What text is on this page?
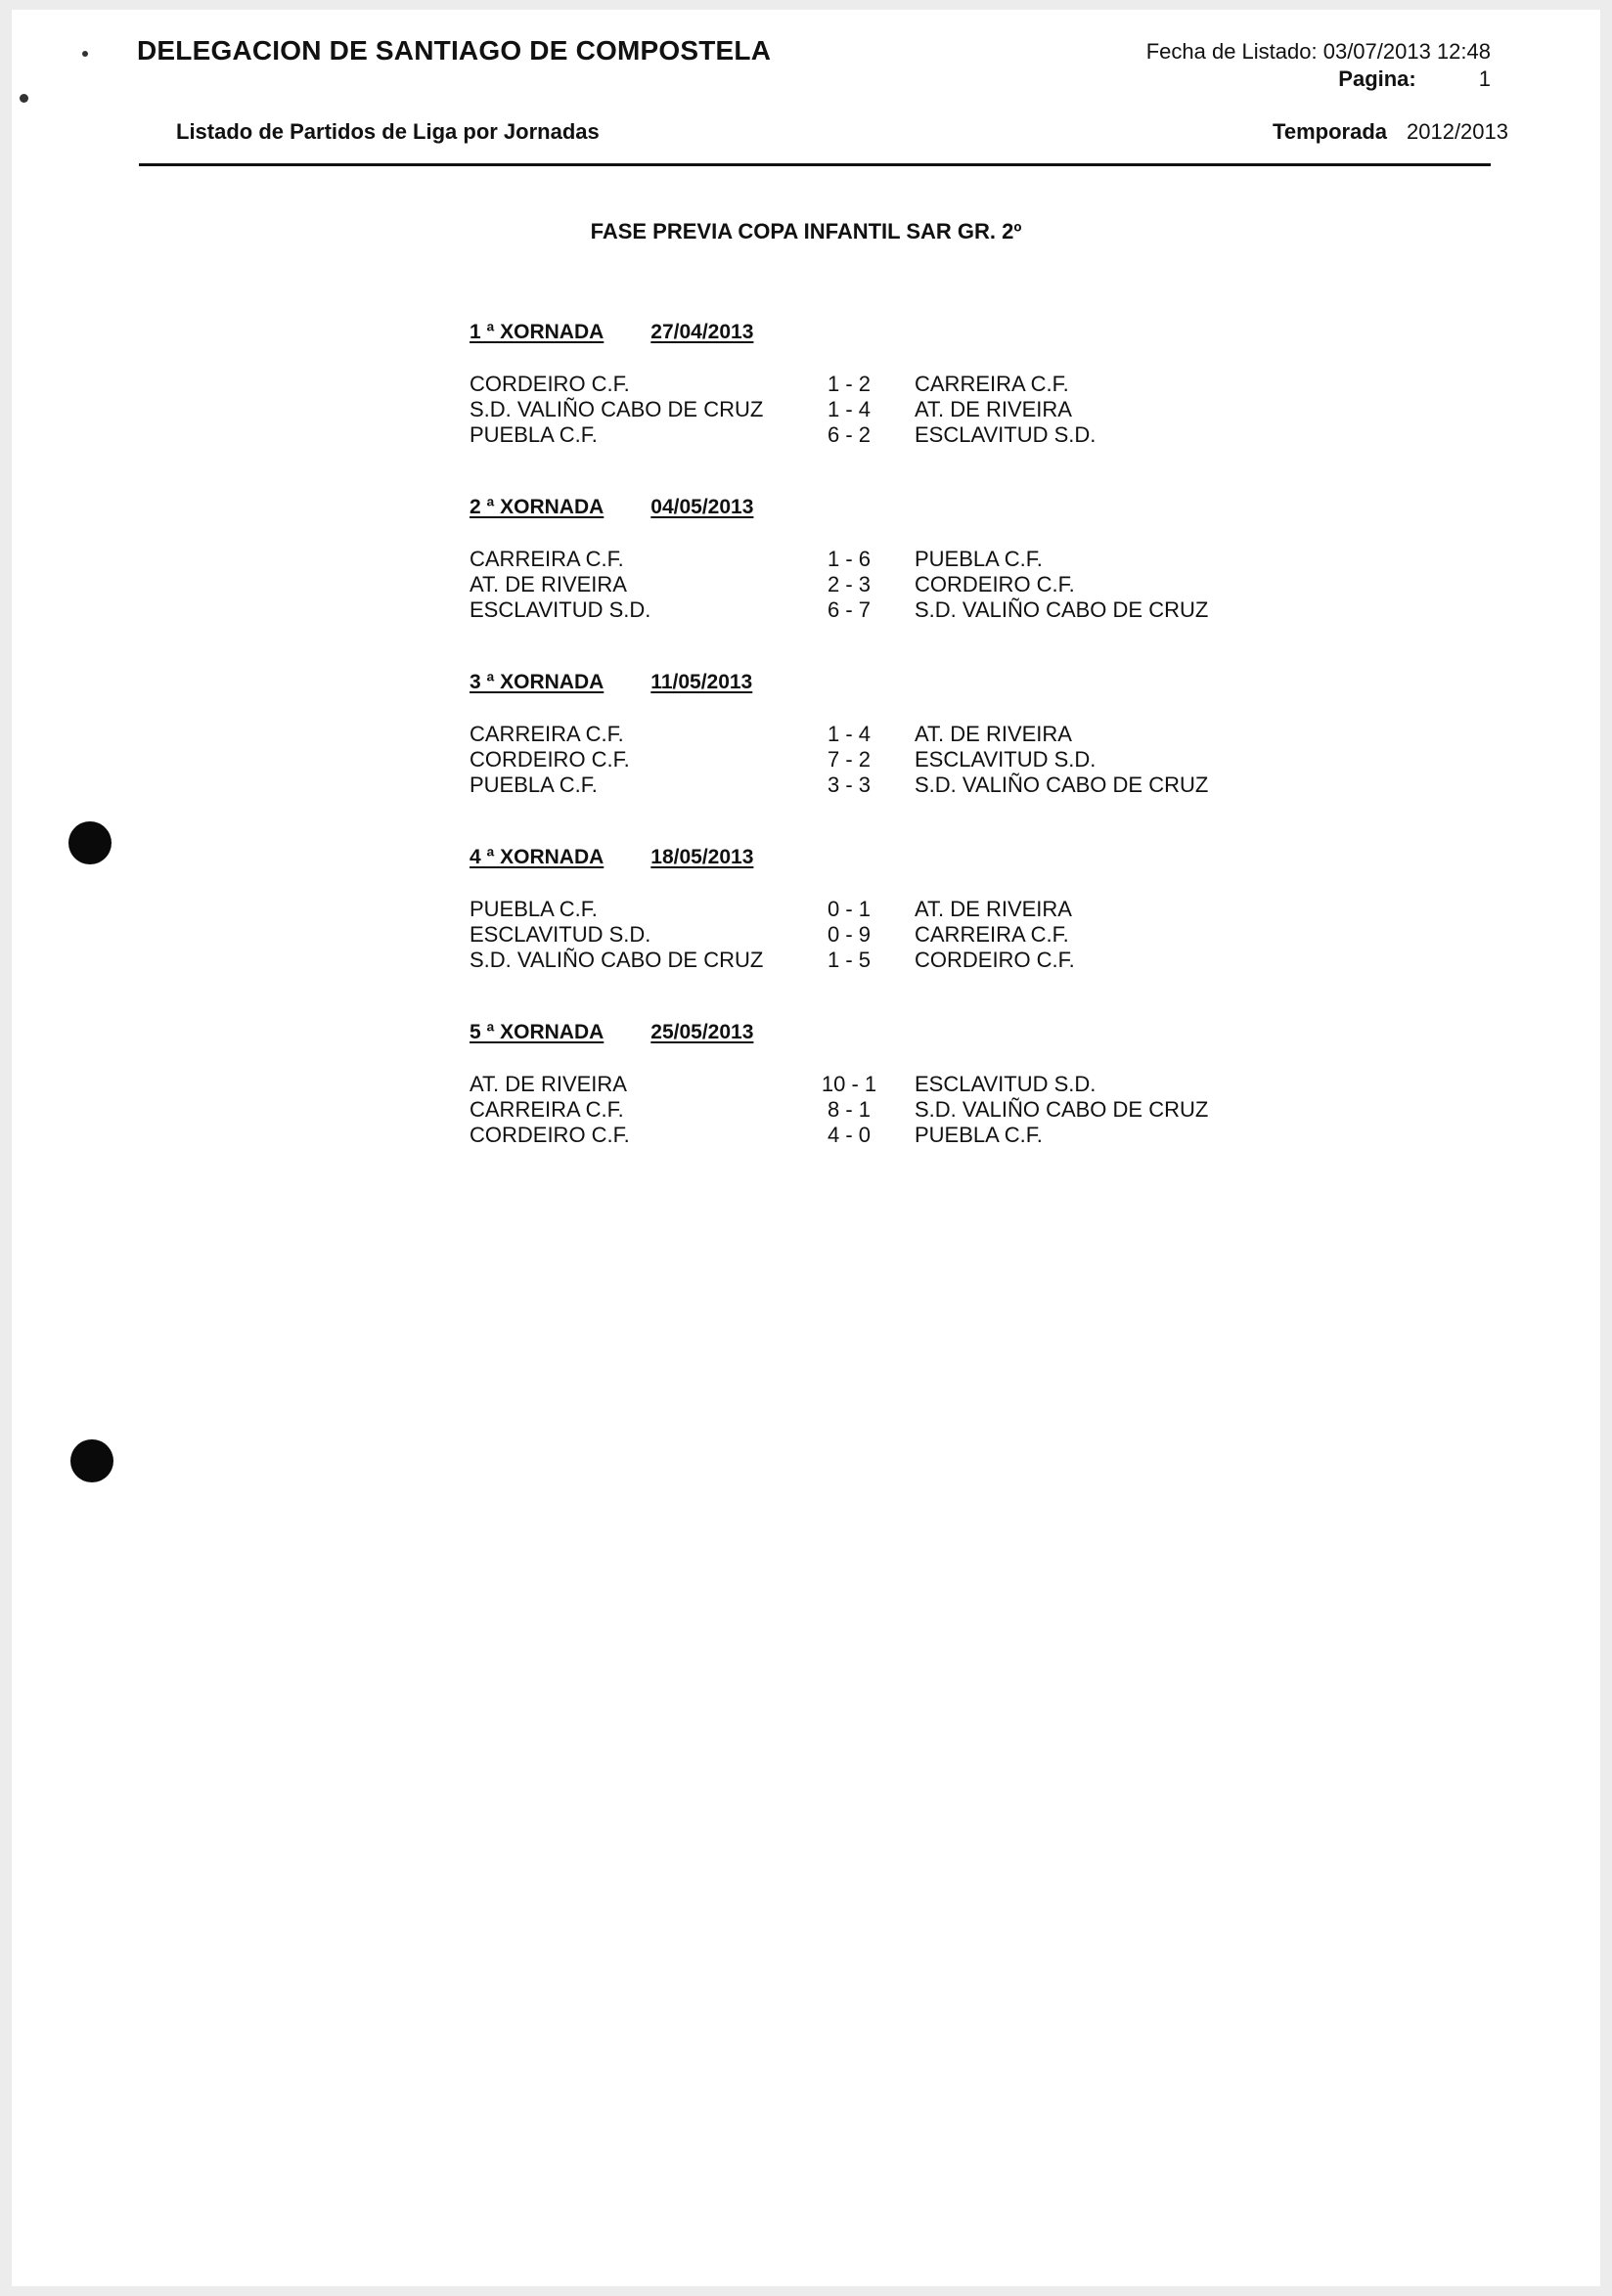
DELEGACION DE SANTIAGO DE COMPOSTELA	Fecha de Listado: 03/07/2013 12:48
Pagina:	1
Listado de Partidos de Liga por Jornadas	Temporada 2012/2013
FASE PREVIA COPA INFANTIL SAR GR. 2º
1 ª XORNADA 27/04/2013
CORDEIRO C.F.	1 - 2	CARREIRA C.F.
S.D. VALIÑO CABO DE CRUZ	1 - 4	AT. DE RIVEIRA
PUEBLA C.F.	6 - 2	ESCLAVITUD S.D.
2 ª XORNADA 04/05/2013
CARREIRA C.F.	1 - 6	PUEBLA C.F.
AT. DE RIVEIRA	2 - 3	CORDEIRO C.F.
ESCLAVITUD S.D.	6 - 7	S.D. VALIÑO CABO DE CRUZ
3 ª XORNADA 11/05/2013
CARREIRA C.F.	1 - 4	AT. DE RIVEIRA
CORDEIRO C.F.	7 - 2	ESCLAVITUD S.D.
PUEBLA C.F.	3 - 3	S.D. VALIÑO CABO DE CRUZ
4 ª XORNADA 18/05/2013
PUEBLA C.F.	0 - 1	AT. DE RIVEIRA
ESCLAVITUD S.D.	0 - 9	CARREIRA C.F.
S.D. VALIÑO CABO DE CRUZ	1 - 5	CORDEIRO C.F.
5 ª XORNADA 25/05/2013
AT. DE RIVEIRA	10 - 1	ESCLAVITUD S.D.
CARREIRA C.F.	8 - 1	S.D. VALIÑO CABO DE CRUZ
CORDEIRO C.F.	4 - 0	PUEBLA C.F.
